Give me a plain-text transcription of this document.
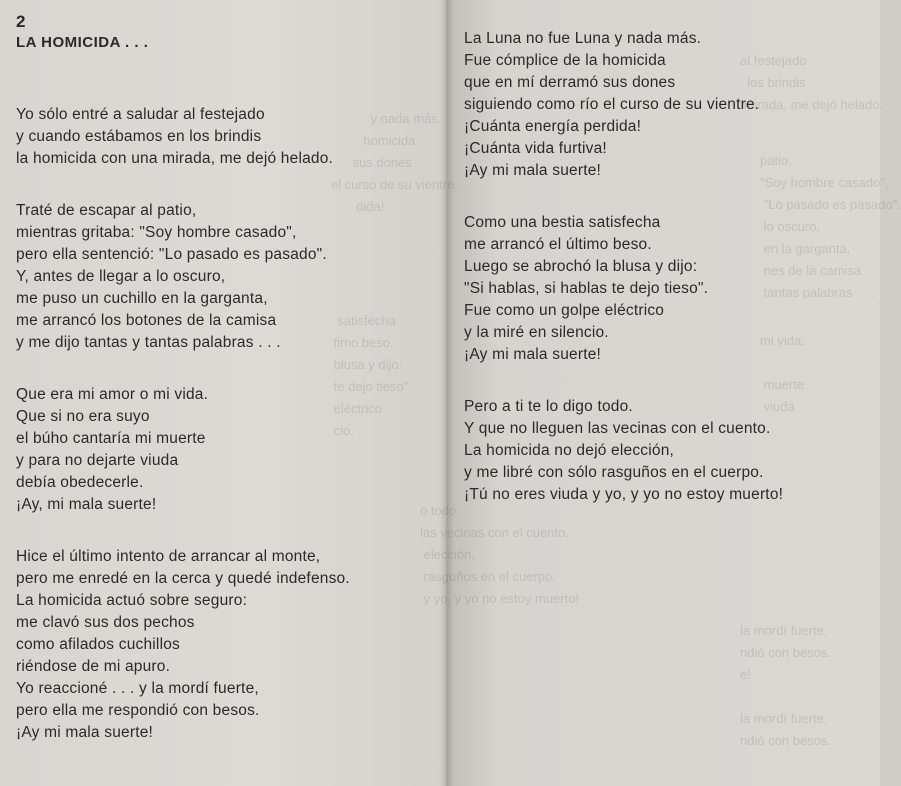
2
LA HOMICIDA . . .
Yo sólo entré a saludar al festejado
y cuando estábamos en los brindis
la homicida con una mirada, me dejó helado.
Traté de escapar al patio,
mientras gritaba: "Soy hombre casado",
pero ella sentenció: "Lo pasado es pasado".
Y, antes de llegar a lo oscuro,
me puso un cuchillo en la garganta,
me arrancó los botones de la camisa
y me dijo tantas y tantas palabras . . .
Que era mi amor o mi vida.
Que si no era suyo
el búho cantaría mi muerte
y para no dejarte viuda
debía obedecerle.
¡Ay, mi mala suerte!
Hice el último intento de arrancar al monte,
pero me enredé en la cerca y quedé indefenso.
La homicida actuó sobre seguro:
me clavó sus dos pechos
como afilados cuchillos
riéndose de mi apuro.
Yo reaccioné . . . y la mordí fuerte,
pero ella me respondió con besos.
¡Ay mi mala suerte!
La Luna no fue Luna y nada más.
Fue cómplice de la homicida
que en mí derramó sus dones
siguiendo como río el curso de su vientre.
¡Cuánta energía perdida!
¡Cuánta vida furtiva!
¡Ay mi mala suerte!
Como una bestia satisfecha
me arrancó el último beso.
Luego se abrochó la blusa y dijo:
"Si hablas, si hablas te dejo tieso".
Fue como un golpe eléctrico
y la miré en silencio.
¡Ay mi mala suerte!
Pero a ti te lo digo todo.
Y que no lleguen las vecinas con el cuento.
La homicida no dejó elección,
y me libré con sólo rasguños en el cuerpo.
¡Tú no eres viuda y yo, y yo no estoy muerto!
